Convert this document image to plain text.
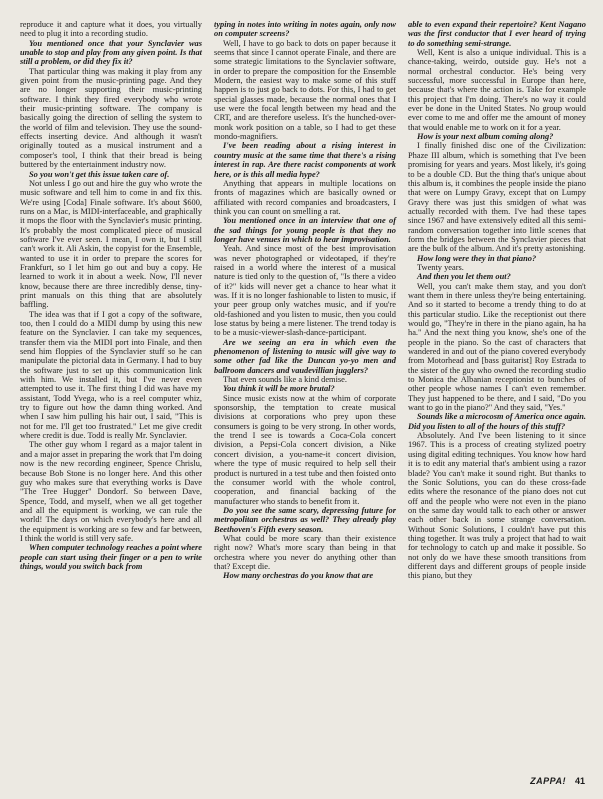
reproduce it and capture what it does, you virtually need to plug it into a recording studio.

You mentioned once that your Synclavier was unable to stop and play from any given point. Is that still a problem, or did they fix it?

That particular thing was making it play from any given point from the music-printing page. And they are no longer supporting their music-printing software. I think they fired everybody who wrote their music-printing software. The company is basically going the direction of selling the system to the world of film and television. They use the sound-effects inserting device. And although it wasn't originally touted as a musical instrument and a composer's tool, I think that their bread is being buttered by the entertainment industry now.

So you won't get this issue taken care of.

Not unless I go out and hire the guy who wrote the music software and tell him to come in and fix this. We're using [Coda] Finale software. It's about $600, runs on a Mac, is MIDI-interfaceable, and graphically it mops the floor with the Synclavier's music printing. It's probably the most complicated piece of musical software I've ever seen. I mean, I own it, but I still can't work it. Ali Askin, the copyist for the Ensemble, wanted to use it in order to prepare the scores for Frankfurt, so I let him go out and buy a copy. He learned to work it in about a week. Now, I'll never know, because there are three incredibly dense, tiny-print manuals on this thing that are absolutely baffling.

The idea was that if I got a copy of the software, too, then I could do a MIDI dump by using this new feature on the Synclavier. I can take my sequences, transfer them via the MIDI port into Finale, and then send him floppies of the Synclavier stuff so he can manipulate the pictorial data in Germany. I had to buy the software just to set up this communication link with him. We installed it, but I've never even attempted to use it. The first thing I did was have my assistant, Todd Yvega, who is a reel computer whiz, try to figure out how the damn thing worked. And when I saw him pulling his hair out, I said, "This is not for me. I'll get too frustrated." Let me give credit where credit is due. Todd is really Mr. Synclavier.

The other guy whom I regard as a major talent in and a major asset in preparing the work that I'm doing now is the new recording engineer, Spence Chrislu, because Bob Stone is no longer here. And this other guy who makes sure that everything works is Dave "The Tree Hugger" Dondorf. So between Dave, Spence, Todd, and myself, when we all get together and all the equipment is working, we can rule the world! The days on which everybody's here and all the equipment is working are so few and far between, I think the world is still very safe.

When computer technology reaches a point where people can start using their finger or a pen to write things, would you switch back from

typing in notes into writing in notes again, only now on computer screens?

Well, I have to go back to dots on paper because it seems that since I cannot operate Finale, and there are some strategic limitations to the Synclavier software, in order to prepare the composition for the Ensemble Modern, the easiest way to make some of this stuff happen is to just go back to dots. For this, I had to get special glasses made, because the normal ones that I use were the focal length between my head and the CRT, and are therefore useless. It's the hunched-over-monk work position on a table, so I had to get these mondo-magnifiers.

I've been reading about a rising interest in country music at the same time that there's a rising interest in rap. Are there racist components at work here, or is this all media hype?

Anything that appears in multiple locations on fronts of magazines which are basically owned or affiliated with record companies and broadcasters, I think you can count on smelling a rat.

You mentioned once in an interview that one of the sad things for young people is that they no longer have venues in which to hear improvisation.

Yeah. And since most of the best improvisation was never photographed or videotaped, if they're raised in a world where the interest of a musical nature is tied only to the question of, "Is there a video of it?" kids will never get a chance to hear what it was. If it is no longer fashionable to listen to music, if your peer group only watches music, and if you're old-fashioned and you listen to music, then you could lose status by being a mere listener. The trend today is to be a music-viewer-slash-dance-participant.

Are we seeing an era in which even the phenomenon of listening to music will give way to some other fad like the Duncan yo-yo men and ballroom dancers and vaudevillian jugglers?

That even sounds like a kind demise.

You think it will be more brutal?

Since music exists now at the whim of corporate sponsorship, the temptation to create musical divisions at corporations who prey upon these consumers is going to be very strong. In other words, the trend I see is towards a Coca-Cola concert division, a Pepsi-Cola concert division, a Nike concert division, a you-name-it concert division, where the type of music required to help sell their product is nurtured in a test tube and then foisted onto the consumer world with the whole control, cooperation, and financial backing of the manufacturer who stands to benefit from it.

Do you see the same scary, depressing future for metropolitan orchestras as well? They already play Beethoven's Fifth every season.

What could be more scary than their existence right now? What's more scary than being in that orchestra where you never do anything other than that? Except die.

How many orchestras do you know that are

able to even expand their repertoire? Kent Nagano was the first conductor that I ever heard of trying to do something semi-strange.

Well, Kent is also a unique individual. This is a chance-taking, weirdo, outside guy. He's not a normal orchestral conductor. He's being very successful, more successful in Europe than here, because that's where the action is. Take for example this project that I'm doing. There's no way it could ever be done in the United States. No group would ever come to me and offer me the amount of money that would enable me to work on it for a year.

How is your next album coming along?

I finally finished disc one of the Civilization: Phaze III album, which is something that I've been promising for years and years. Most likely, it's going to be a double CD. But the thing that's unique about this album is, it combines the people inside the piano that were on Lumpy Gravy, except that on Lumpy Gravy there was just this smidgen of what was actually recorded with them. I've had these tapes since 1967 and have extensively edited all this semi-random conversation together into little scenes that form the bridges between the Synclavier pieces that are the bulk of the album. And it's pretty astonishing.

How long were they in that piano?

Twenty years.

And then you let them out?

Well, you can't make them stay, and you don't want them in there unless they're being entertaining. And so it started to become a trendy thing to do at this particular studio. Like the receptionist out there would go, "They're in there in the piano again, ha ha ha." And the next thing you know, she's one of the people in the piano. So the cast of characters that wandered in and out of the piano covered everybody from Motorhead and [bass guitarist] Roy Estrada to the sister of the guy who owned the recording studio to Monica the Albanian receptionist to bunches of other people whose names I can't even remember. They just happened to be there, and I said, "Do you want to go in the piano?" And they said, "Yes."

Sounds like a microcosm of America once again. Did you listen to all of the hours of this stuff?

Absolutely. And I've been listening to it since 1967. This is a process of creating stylized poetry using digital editing techniques. You know how hard it is to edit any material that's ambient using a razor blade? You can't make it sound right. But thanks to the Sonic Solutions, you can do these cross-fade edits where the resonance of the piano does not cut off and the people who were not even in the piano on the same day would talk to each other or answer each other back in some strange conversation. Without Sonic Solutions, I couldn't have put this thing together. It was truly a project that had to wait for technology to catch up and make it possible. So not only do we have these smooth transitions from different days and different groups of people inside this piano, but they

ZAPPA! 41
